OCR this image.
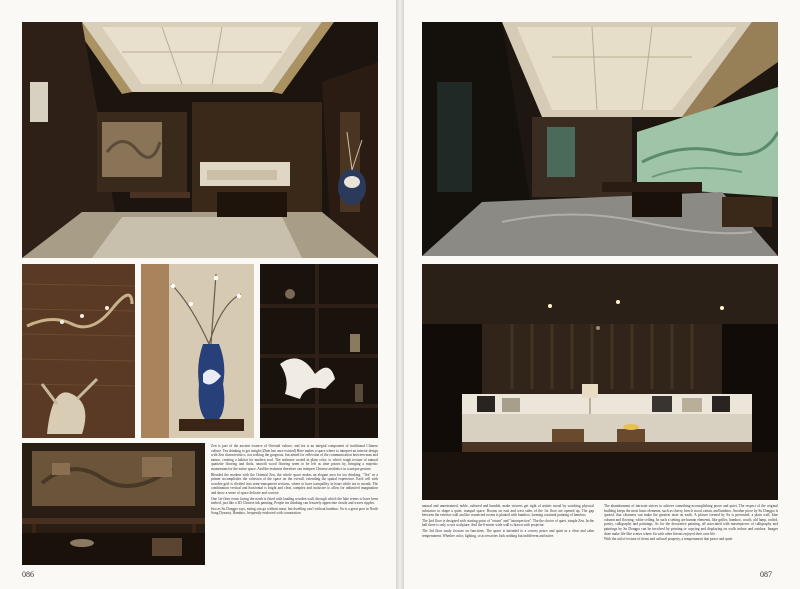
Zen is part of the ancient essence of Oriental culture, and tea is an integral component of traditional Chinese culture. Tea drinking to get insight (Zhen has once existed) Here makes a space where to interpret an interior design with Zen characteristics, not seeking the gorgeous, but aimed for reflection of the communication between man and nature, creating a habitat for modern soul. The teahouse coated in plain color, to which rough texture of natural quartzite flooring and thick, smooth wood flooring seem to be left as time passes by, bringing a majestic momentum for the entire space. And the teahouse therefore can interpret Chinese aesthetics in a unique gesture.

Blended the modern with the Oriental Zen, the whole space makes an elegant area for tea drinking. "Tea" as a primer accomplishes the cohesion of the space on the overall, extending the spatial experience. Each cell with wooden grid is divided into semi-transparent sections, where to have tranquillity in heart while tea to mouth. The combination vertical and horizontal is bright and clear, complex and inclusive to allow for unlimited imagination and show a sense of space delicate and concise.

One 1st-floor room facing the north is fitted with landing wooden wall, through which the lake seems to have been melted, just like a 3D Chinese ink painting. People tea drinking can leisurely appreciate clouds and waves ripples.

Just as Su Dongpo says, eating can go without meat, but dwelling can't without bamboo. Su is a great poet in North Song Dynasty. Bamboo, frequently endowed with connotation

086

natural and unrestrained, noble, cultured and humble, make viewers get right of artistic mood by watching physical substance to shape a quiet, tranquil space. Rooms on east and west sides of the 1st floor are opened up. The gap between the exterior wall and the connected rooms is planted with bamboo, forming a natural painting of bamboo.

The 2nd floor is designed with starting point of "return" and "introspection". The the choice of quiet, simple Zen. In the hall there is only a root sculpture. And the 6-meter wide wall is drawn with projector.

The 3rd floor study focuses on functions. The space is intended to a convey peace and quiet in a clear and calm temperament. Whether color, lighting, or accessories look nothing but indifferent and naive.

The abandonment of intricate strives to achieve something-accomplishing peace and quiet. The respect of the original building keeps the most basic elements, such as cherry, beech wood, rattan, and bamboo. Another piece by Su Dongpo is quoted, that clearness can make the greatest taste on earth. A picture formed by Su is presented: a plain wall, blue column and flooring, white ceiling. In such a setting are human elements, like grilles, bamboo, couch, old lamp, orchid, poetry, calligraphy and paintings. As for the decorative painting, all associated with masterpieces of calligraphy and paintings by Su Dongpo can be involved by printing or copying and displaying on walls indoor and outdoor. Images done make life-like scenes where Su with other literati enjoyed their own life.

With the aid of texture of items and cultural property, a temperament that peace and quiet

087
